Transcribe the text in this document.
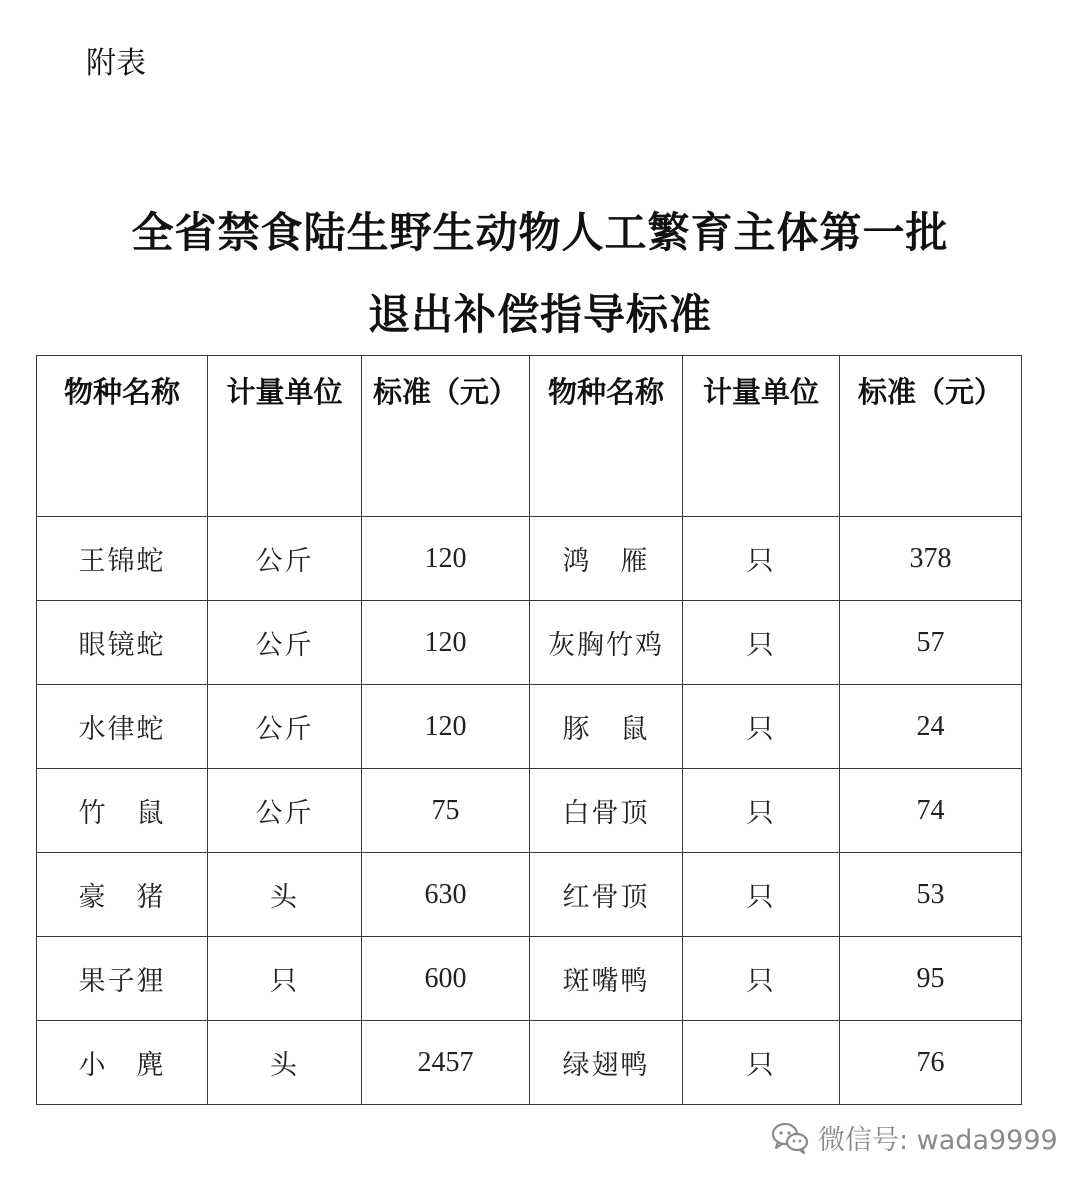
附表
全省禁食陆生野生动物人工繁育主体第一批
退出补偿指导标准
物种名称	计量单位	标准（元）	物种名称	计量单位	标准（元）
王锦蛇	公斤	120	鸿　雁	只	378
眼镜蛇	公斤	120	灰胸竹鸡	只	57
水律蛇	公斤	120	豚　鼠	只	24
竹　鼠	公斤	75	白骨顶	只	74
豪　猪	头	630	红骨顶	只	53
果子狸	只	600	斑嘴鸭	只	95
小　麂	头	2457	绿翅鸭	只	76
微信号: wada9999
